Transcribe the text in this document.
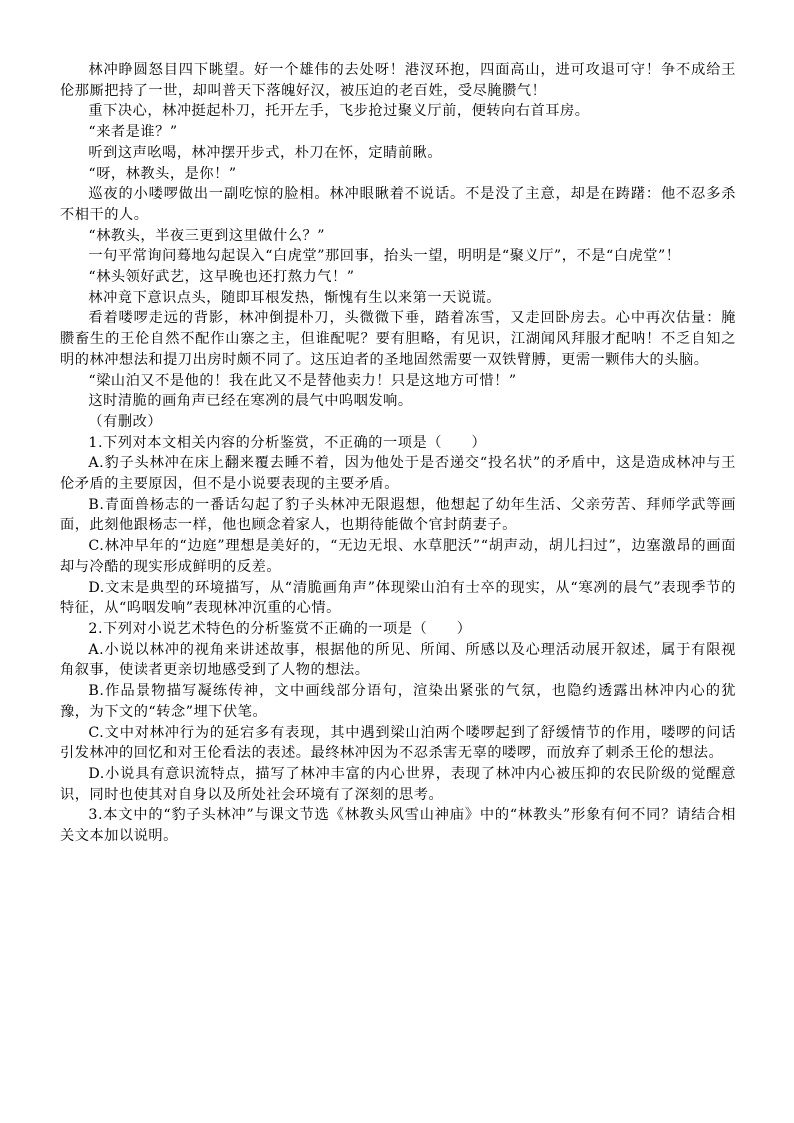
林冲睁圆怒目四下眺望。好一个雄伟的去处呀！港汊环抱，四面高山，进可攻退可守！争不成给王伦那厮把持了一世，却叫普天下落魄好汉，被压迫的老百姓，受尽腌臜气！

重下决心，林冲挺起朴刀，托开左手，飞步抢过聚义厅前，便转向右首耳房。

“来者是谁？”

听到这声吆喝，林冲摆开步式，朴刀在怀，定睛前瞅。

“呀，林教头，是你！”

巡夜的小喽啰做出一副吃惊的脸相。林冲眼瞅着不说话。不是没了主意，却是在踌躇：他不忍多杀不相干的人。

“林教头，半夜三更到这里做什么？”

一句平常询问蓦地勾起误入“白虎堂”那回事，抬头一望，明明是“聚义厅”，不是“白虎堂”！

“林头领好武艺，这早晚也还打熬力气！”

林冲竟下意识点头，随即耳根发热，惭愧有生以来第一天说谎。

看着喽啰走远的背影，林冲倒提朴刀，头微微下垂，踏着冻雪，又走回卧房去。心中再次估量：腌臜畜生的王伦自然不配作山寨之主，但谁配呢？要有胆略，有见识，江湖闻风拜服才配呐！不乏自知之明的林冲想法和提刀出房时颇不同了。这压迫者的圣地固然需要一双铁臂膊，更需一颗伟大的头脑。

“梁山泊又不是他的！我在此又不是替他卖力！只是这地方可惜！”

这时清脆的画角声已经在寒冽的晨气中呜咽发响。

（有删改）

1.下列对本文相关内容的分析鉴赏，不正确的一项是（　　）

A.豹子头林冲在床上翻来覆去睡不着，因为他处于是否递交“投名状”的矛盾中，这是造成林冲与王伦矛盾的主要原因，但不是小说要表现的主要矛盾。

B.青面兽杨志的一番话勾起了豹子头林冲无限遐想，他想起了幼年生活、父亲劳苦、拜师学武等画面，此刻他跟杨志一样，他也顾念着家人，也期待能做个官封荫妻子。

C.林冲早年的“边庭”理想是美好的，“无边无垠、水草肥沃”“胡声动，胡儿扫过”，边塞激昂的画面却与冷酷的现实形成鲜明的反差。

D.文末是典型的环境描写，从“清脆画角声”体现梁山泊有士卒的现实，从“寒冽的晨气”表现季节的特征，从“呜咽发响”表现林冲沉重的心情。

2.下列对小说艺术特色的分析鉴赏不正确的一项是（　　）

A.小说以林冲的视角来讲述故事，根据他的所见、所闻、所感以及心理活动展开叙述，属于有限视角叙事，使读者更亲切地感受到了人物的想法。

B.作品景物描写凝练传神，文中画线部分语句，渲染出紧张的气氛，也隐约透露出林冲内心的犹豫，为下文的“转念”埋下伏笔。

C.文中对林冲行为的延宕多有表现，其中遇到梁山泊两个喽啰起到了舒缓情节的作用，喽啰的问话引发林冲的回忆和对王伦看法的表述。最终林冲因为不忍杀害无辜的喽啰，而放弃了刺杀王伦的想法。

D.小说具有意识流特点，描写了林冲丰富的内心世界，表现了林冲内心被压抑的农民阶级的觉醒意识，同时也使其对自身以及所处社会环境有了深刻的思考。

3.本文中的“豹子头林冲”与课文节选《林教头风雪山神庙》中的“林教头”形象有何不同？请结合相关文本加以说明。
